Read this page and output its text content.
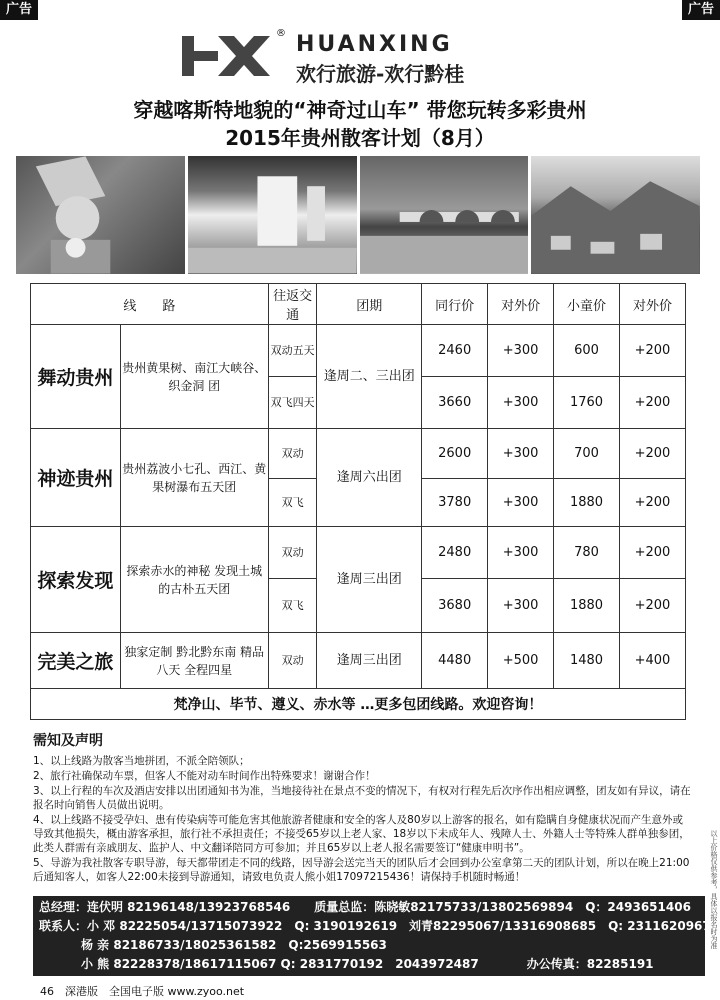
广告	广告
® HUANXING
欢行旅游-欢行黔桂
穿越喀斯特地貌的“神奇过山车” 带您玩转多彩贵州
2015年贵州散客计划（8月）
线　　路		往返交通	团期	同行价	对外价	小童价	对外价
舞动贵州	贵州黄果树、南江大峡谷、织金洞 团	双动五天	逢周二、三出团	2460	+300	600	+200
		双飞四天		3660	+300	1760	+200
神迹贵州	贵州荔波小七孔、西江、黄果树瀑布五天团	双动	逢周六出团	2600	+300	700	+200
		双飞		3780	+300	1880	+200
探索发现	探索赤水的神秘 发现土城的古朴五天团	双动	逢周三出团	2480	+300	780	+200
		双飞		3680	+300	1880	+200
完美之旅	独家定制 黔北黔东南 精品八天 全程四星	双动	逢周三出团	4480	+500	1480	+400
梵净山、毕节、遵义、赤水等 …更多包团线路。欢迎咨询！							
需知及声明

1、以上线路为散客当地拼团，不派全陪领队；

2、旅行社确保动车票，但客人不能对动车时间作出特殊要求！谢谢合作！

3、以上行程的车次及酒店安排以出团通知书为准，当地接待社在景点不变的情况下，有权对行程先后次序作出相应调整，团友如有异议，请在报名时向销售人员做出说明。

4、以上线路不接受孕妇、患有传染病等可能危害其他旅游者健康和安全的客人及80岁以上游客的报名，如有隐瞒自身健康状况而产生意外或导致其他损失，概由游客承担，旅行社不承担责任；不接受65岁以上老人家、18岁以下未成年人、残障人士、外籍人士等特殊人群单独参团，此类人群需有亲戚朋友、监护人、中文翻译陪同方可参加；并且65岁以上老人报名需要签订“健康申明书”。

5、导游为我社散客专职导游，每天都带团走不同的线路，因导游会送完当天的团队后才会回到办公室拿第二天的团队计划，所以在晚上21:00后通知客人，如客人22:00未接到导游通知，请致电负责人熊小姐17097215436！请保持手机随时畅通！

总经理：连伏明 82196148/13923768546　　质量总监：陈晓敏82175733/13802569894　Q：2493651406
联系人：小 邓 82225054/13715073922　Q: 3190192619　刘青82295067/13316908685　Q: 2311620967
杨 亲 82186733/18025361582　Q:2569915563
小 熊 82228378/18617115067 Q: 2831770192　2043972487　　　　办公传真：82285191
以上价格仅供参考，具体以报名时为准
46　深港版　全国电子版 www.zyoo.net
